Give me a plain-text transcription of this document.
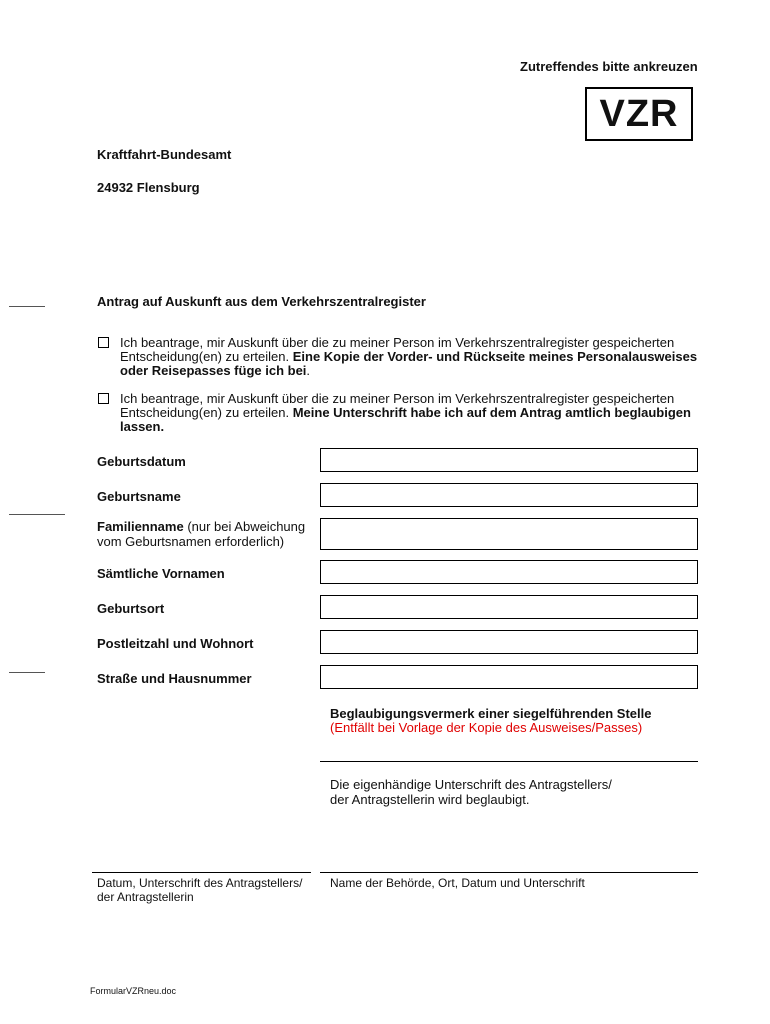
Zutreffendes bitte ankreuzen
VZR
Kraftfahrt-Bundesamt
24932 Flensburg
Antrag auf Auskunft aus dem Verkehrszentralregister
Ich beantrage, mir Auskunft über die zu meiner Person im Verkehrszentralregister gespeicherten
Entscheidung(en) zu erteilen. Eine Kopie der Vorder- und Rückseite meines Personalausweises
oder Reisepasses füge ich bei.
Ich beantrage, mir Auskunft über die zu meiner Person im Verkehrszentralregister gespeicherten
Entscheidung(en) zu erteilen. Meine Unterschrift habe ich auf dem Antrag amtlich beglaubigen
lassen.
Geburtsdatum
Geburtsname
Familienname (nur bei Abweichung
vom Geburtsnamen erforderlich)
Sämtliche Vornamen
Geburtsort
Postleitzahl und Wohnort
Straße und Hausnummer
Beglaubigungsvermerk einer siegelführenden Stelle
(Entfällt bei Vorlage der Kopie des Ausweises/Passes)
Die eigenhändige Unterschrift des Antragstellers/
der Antragstellerin wird beglaubigt.
Datum, Unterschrift des Antragstellers/
der Antragstellerin
Name der Behörde, Ort, Datum und Unterschrift
FormularVZRneu.doc
